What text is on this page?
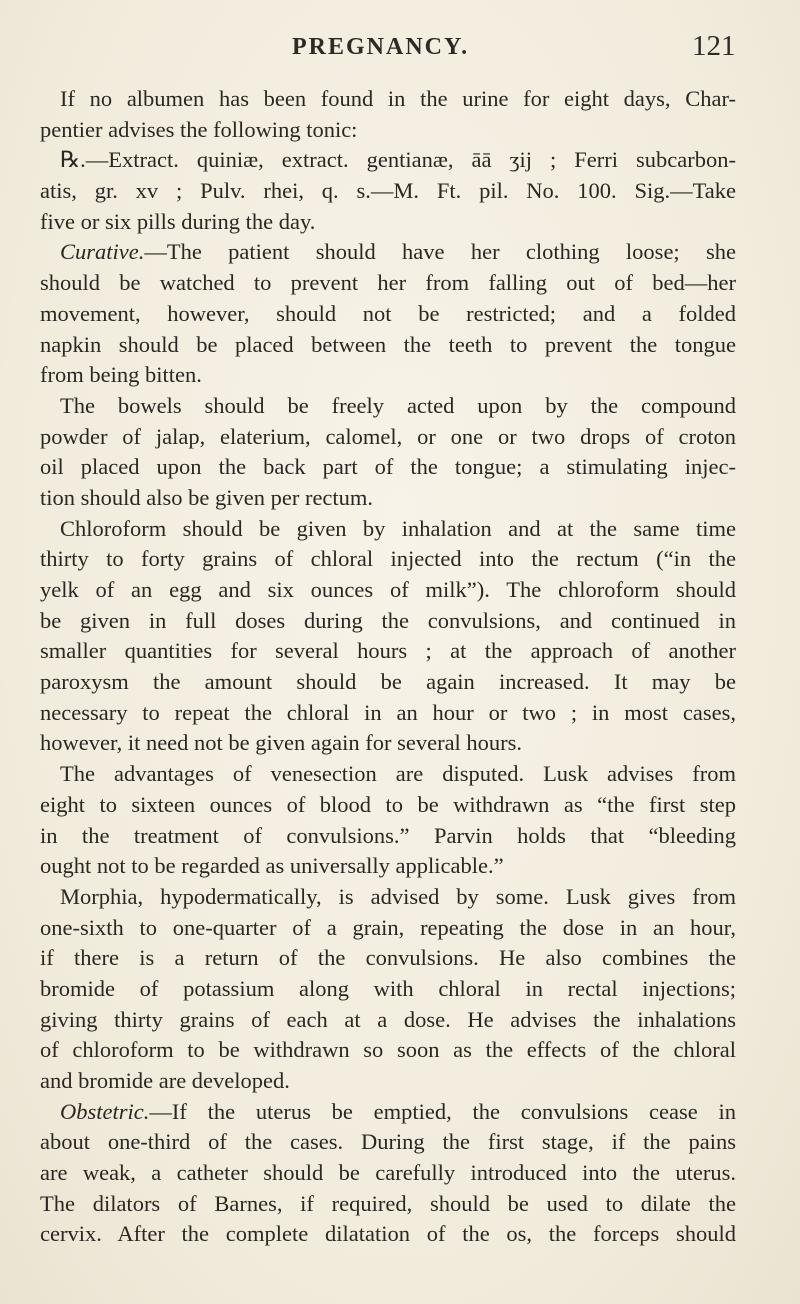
PREGNANCY.	121
If no albumen has been found in the urine for eight days, Char-
pentier advises the following tonic:
℞.—Extract. quiniæ, extract. gentianæ, āā ʒij ; Ferri subcarbon-
atis, gr. xv ; Pulv. rhei, q. s.—M. Ft. pil. No. 100. Sig.—Take
five or six pills during the day.
Curative.—The patient should have her clothing loose; she
should be watched to prevent her from falling out of bed—her
movement, however, should not be restricted; and a folded
napkin should be placed between the teeth to prevent the tongue
from being bitten.
The bowels should be freely acted upon by the compound
powder of jalap, elaterium, calomel, or one or two drops of croton
oil placed upon the back part of the tongue; a stimulating injec-
tion should also be given per rectum.
Chloroform should be given by inhalation and at the same time
thirty to forty grains of chloral injected into the rectum (“in the
yelk of an egg and six ounces of milk”). The chloroform should
be given in full doses during the convulsions, and continued in
smaller quantities for several hours ; at the approach of another
paroxysm the amount should be again increased. It may be
necessary to repeat the chloral in an hour or two ; in most cases,
however, it need not be given again for several hours.
The advantages of venesection are disputed. Lusk advises from
eight to sixteen ounces of blood to be withdrawn as “the first step
in the treatment of convulsions.” Parvin holds that “bleeding
ought not to be regarded as universally applicable.”
Morphia, hypodermatically, is advised by some. Lusk gives from
one-sixth to one-quarter of a grain, repeating the dose in an hour,
if there is a return of the convulsions. He also combines the
bromide of potassium along with chloral in rectal injections;
giving thirty grains of each at a dose. He advises the inhalations
of chloroform to be withdrawn so soon as the effects of the chloral
and bromide are developed.
Obstetric.—If the uterus be emptied, the convulsions cease in
about one-third of the cases. During the first stage, if the pains
are weak, a catheter should be carefully introduced into the uterus.
The dilators of Barnes, if required, should be used to dilate the
cervix. After the complete dilatation of the os, the forceps should
